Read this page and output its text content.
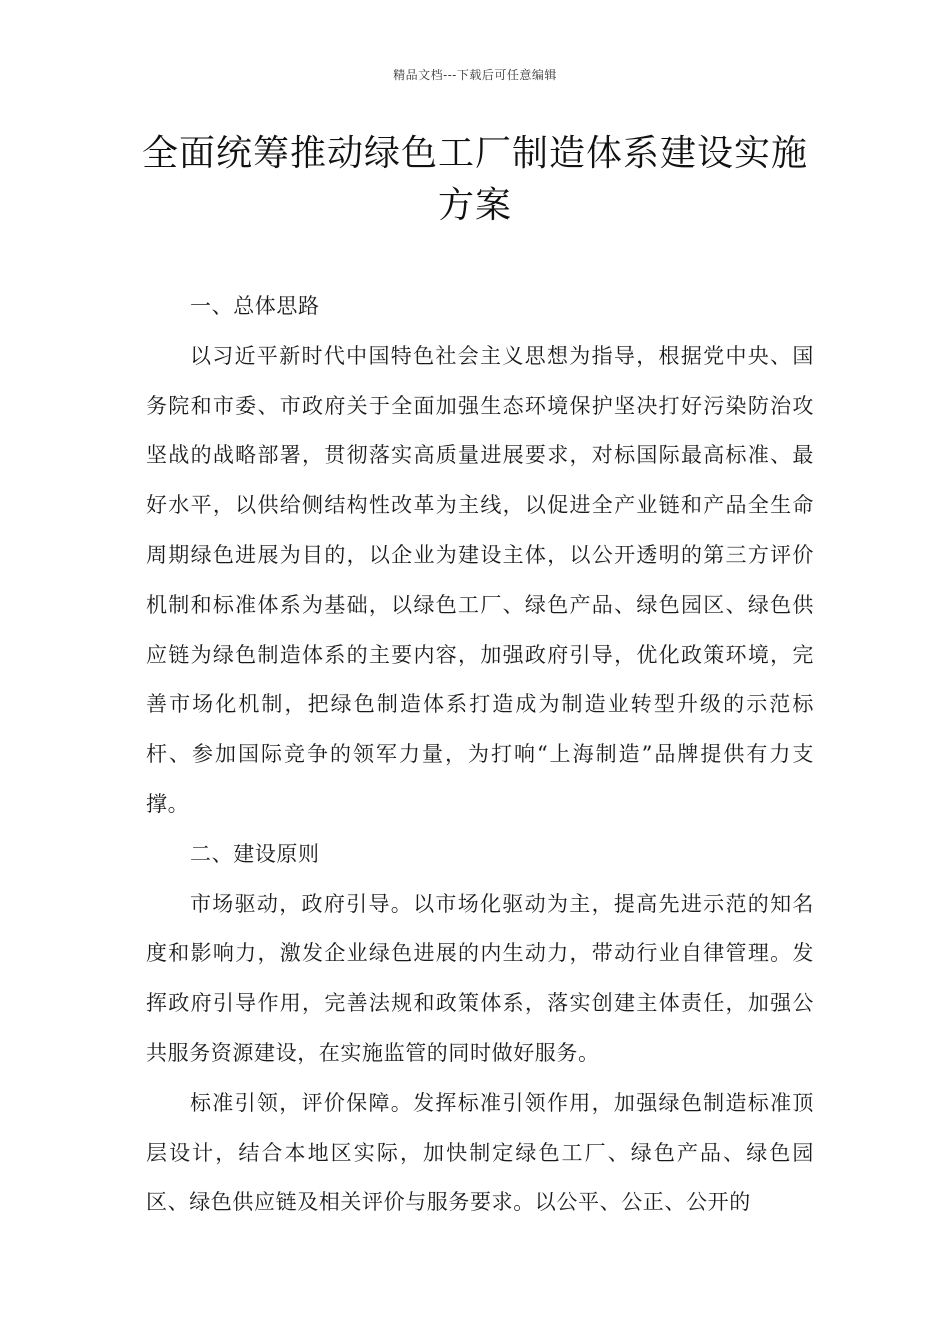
精品文档---下载后可任意编辑
全面统筹推动绿色工厂制造体系建设实施方案

一、总体思路

以习近平新时代中国特色社会主义思想为指导，根据党中央、国务院和市委、市政府关于全面加强生态环境保护坚决打好污染防治攻坚战的战略部署，贯彻落实高质量进展要求，对标国际最高标准、最好水平，以供给侧结构性改革为主线，以促进全产业链和产品全生命周期绿色进展为目的，以企业为建设主体，以公开透明的第三方评价机制和标准体系为基础，以绿色工厂、绿色产品、绿色园区、绿色供应链为绿色制造体系的主要内容，加强政府引导，优化政策环境，完善市场化机制，把绿色制造体系打造成为制造业转型升级的示范标杆、参加国际竞争的领军力量，为打响“上海制造”品牌提供有力支撑。

二、建设原则

市场驱动，政府引导。以市场化驱动为主，提高先进示范的知名度和影响力，激发企业绿色进展的内生动力，带动行业自律管理。发挥政府引导作用，完善法规和政策体系，落实创建主体责任，加强公共服务资源建设，在实施监管的同时做好服务。

标准引领，评价保障。发挥标准引领作用，加强绿色制造标准顶层设计，结合本地区实际，加快制定绿色工厂、绿色产品、绿色园区、绿色供应链及相关评价与服务要求。以公平、公正、公开的
